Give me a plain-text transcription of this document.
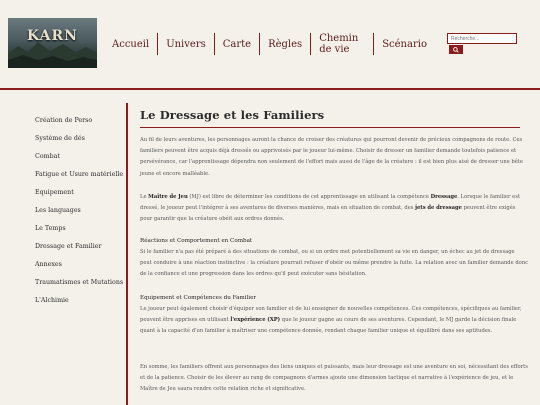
KARN	Accueil	Univers	Carte	Règles	Chemin de vie	Scénario
Recherche...
Création de Perso
Système de dés
Combat
Fatigue et Usure matérielle
Equipement
Les languages
Le Temps
Dressage et Familier
Annexes
Traumatismes et Mutations
L'Alchimie
Le Dressage et les Familiers
Au fil de leurs aventures, les personnages auront la chance de croiser des créatures qui pourront devenir de précieux compagnons de route. Ces familiers peuvent être acquis déjà dressés ou apprivoisés par le joueur lui-même. Choisir de dresser un familier demande toutefois patience et persévérance, car l'apprentissage dépendra non seulement de l'effort mais aussi de l'âge de la créature : il est bien plus aisé de dresser une bête jeune et encore malléable.
Le Maître de Jeu (MJ) est libre de déterminer les conditions de cet apprentissage en utilisant la compétence Dressage. Lorsque le familier est dressé, le joueur peut l'intégrer à ses aventures de diverses manières, mais en situation de combat, des jets de dressage peuvent être exigés pour garantir que la créature obéit aux ordres donnés.
Réactions et Comportement en Combat
Si le familier n'a pas été préparé à des situations de combat, ou si un ordre met potentiellement sa vie en danger, un échec au jet de dressage peut conduire à une réaction instinctive : la créature pourrait refuser d'obéir ou même prendre la fuite. La relation avec un familier demande donc de la confiance et une progression dans les ordres qu'il peut exécuter sans hésitation.
Equipement et Compétences du Familier
Le joueur peut également choisir d'équiper son familier et de lui enseigner de nouvelles compétences. Ces compétences, spécifiques au familier, peuvent être apprises en utilisant l'expérience (XP) que le joueur gagne au cours de ses aventures. Cependant, le MJ garde la décision finale quant à la capacité d'un familier à maîtriser une compétence donnée, rendant chaque familier unique et équilibré dans ses aptitudes.
En somme, les familiers offrent aux personnages des liens uniques et puissants, mais leur dressage est une aventure en soi, nécessitant des efforts et de la patience. Choisir de les élever au rang de compagnons d'armes ajoute une dimension tactique et narrative à l'expérience de jeu, et le Maître de Jeu saura rendre cette relation riche et significative.
